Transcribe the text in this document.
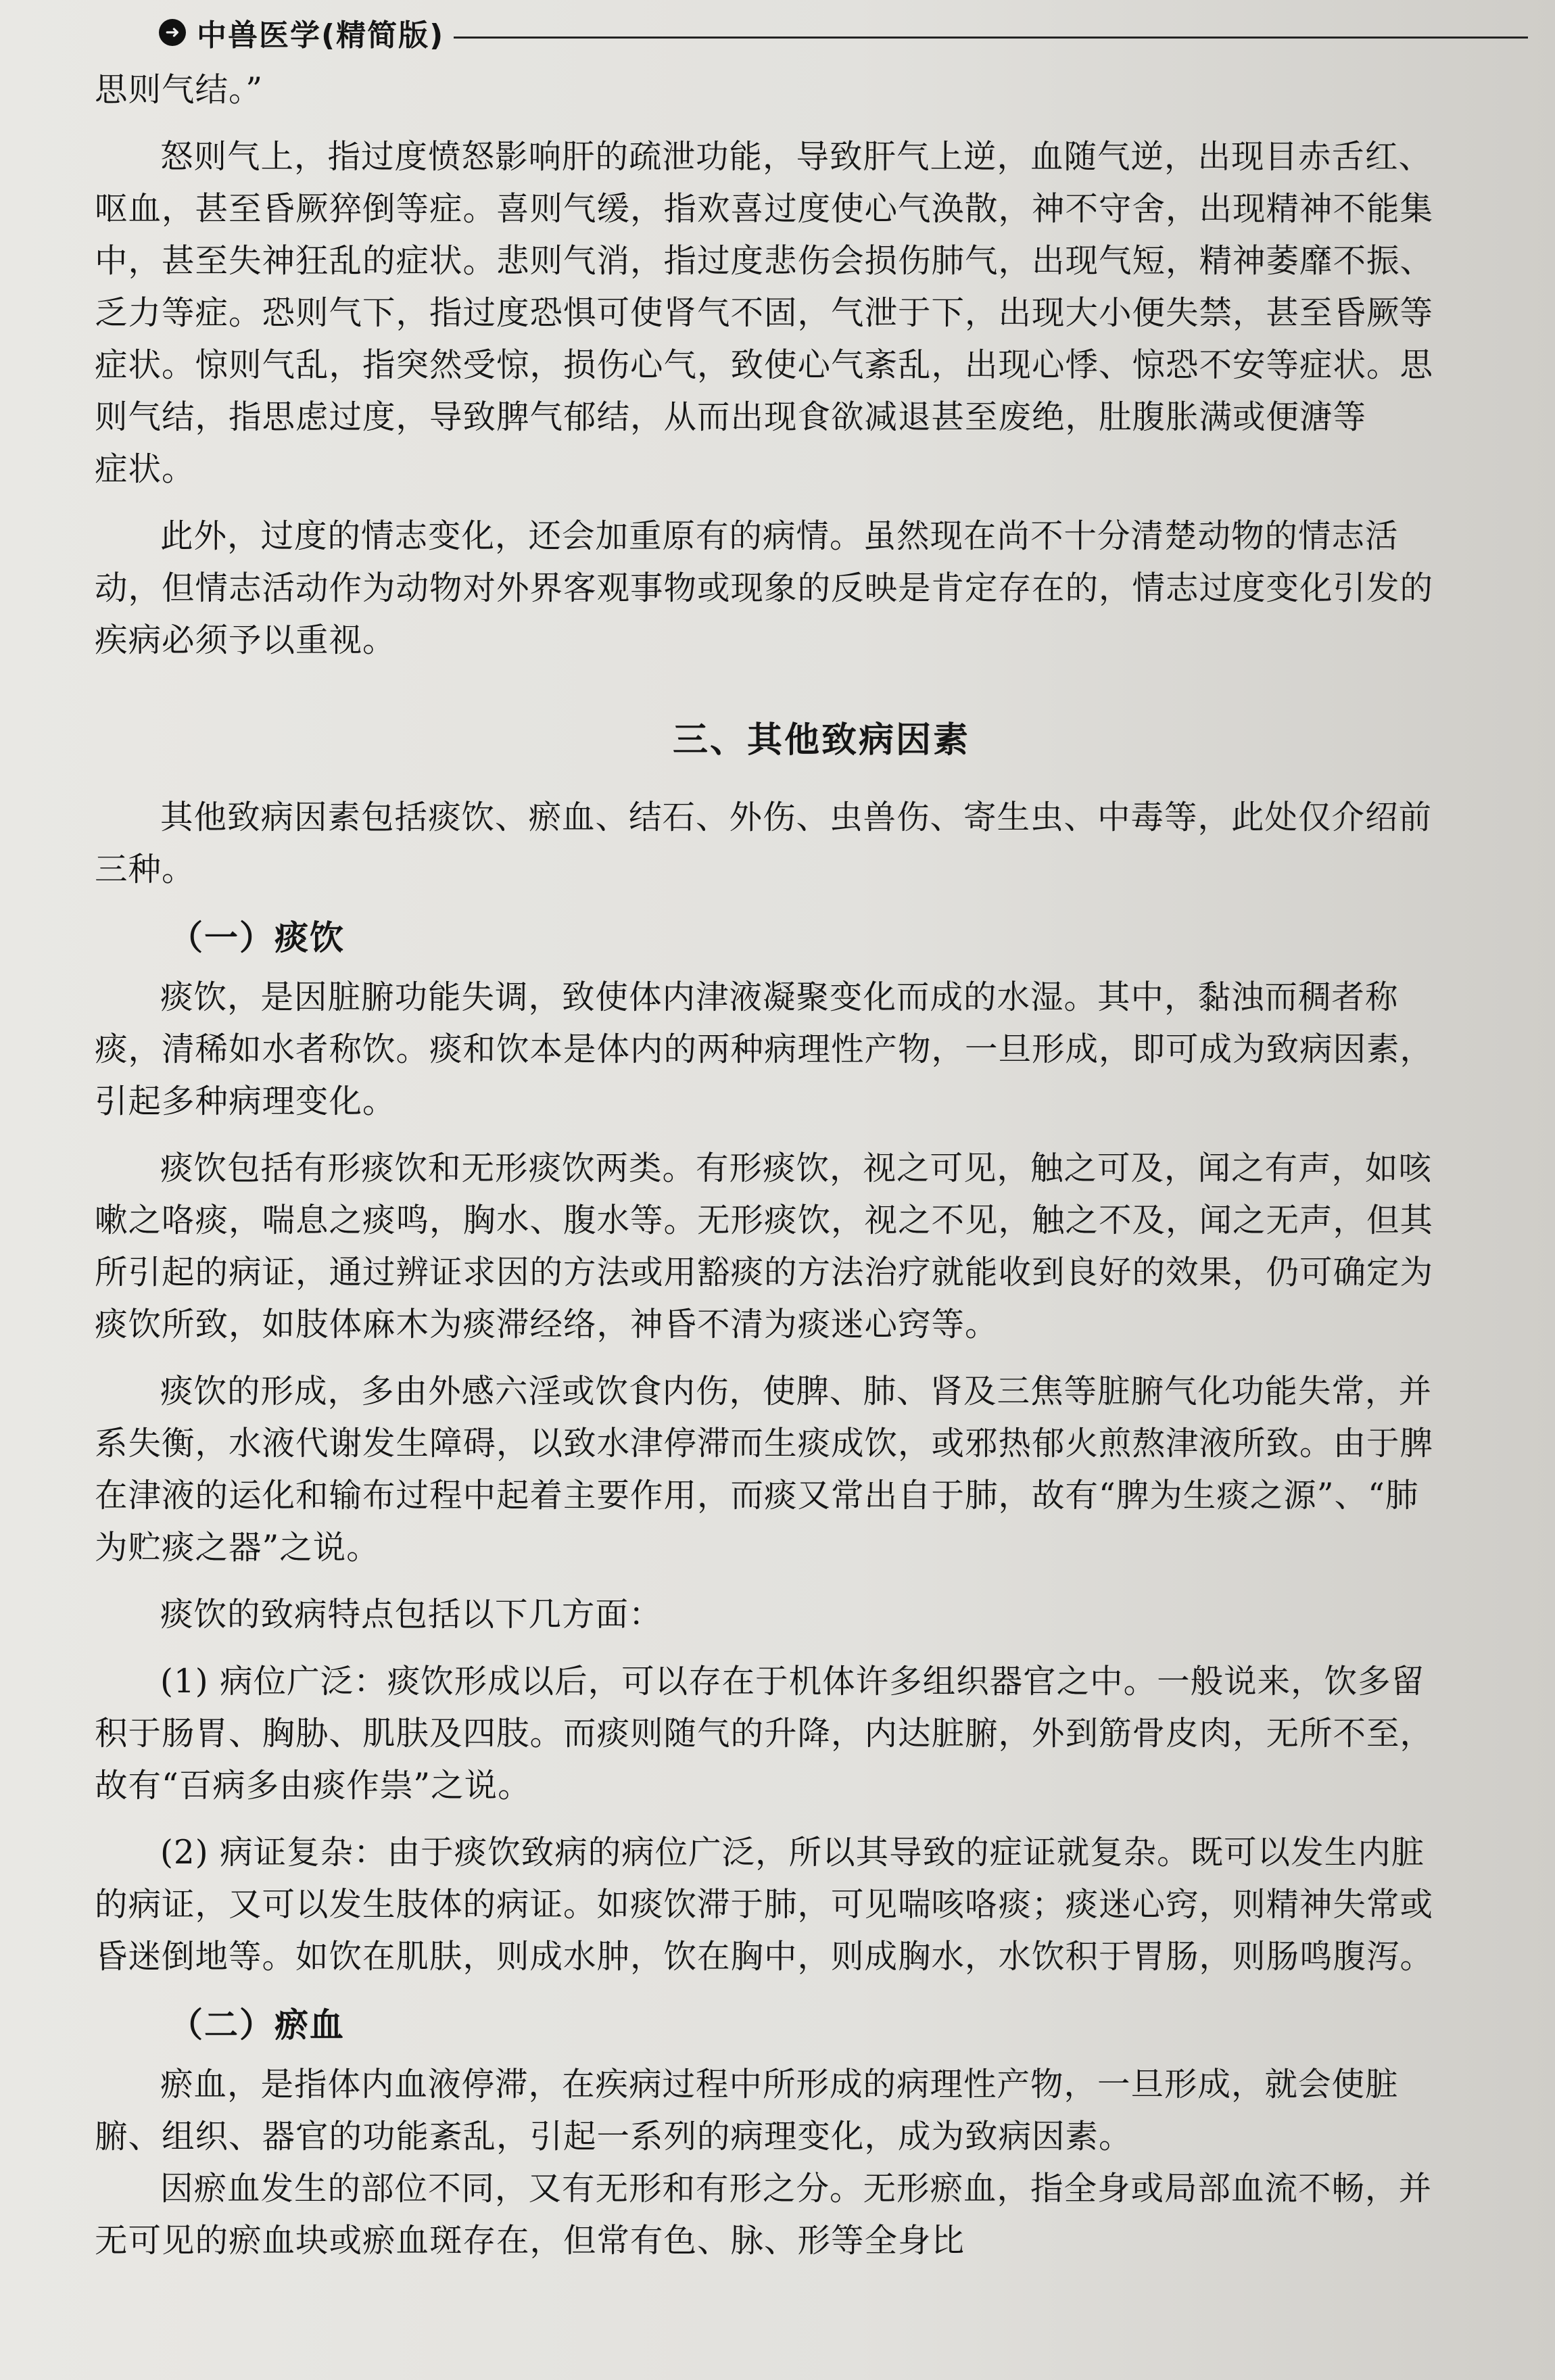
➜ 中兽医学(精简版)

思则气结。”

怒则气上，指过度愤怒影响肝的疏泄功能，导致肝气上逆，血随气逆，出现目赤舌红、
呕血，甚至昏厥猝倒等症。喜则气缓，指欢喜过度使心气涣散，神不守舍，出现精神不能集
中，甚至失神狂乱的症状。悲则气消，指过度悲伤会损伤肺气，出现气短，精神萎靡不振、
乏力等症。恐则气下，指过度恐惧可使肾气不固，气泄于下，出现大小便失禁，甚至昏厥等
症状。惊则气乱，指突然受惊，损伤心气，致使心气紊乱，出现心悸、惊恐不安等症状。思
则气结，指思虑过度，导致脾气郁结，从而出现食欲减退甚至废绝，肚腹胀满或便溏等
症状。

此外，过度的情志变化，还会加重原有的病情。虽然现在尚不十分清楚动物的情志活
动，但情志活动作为动物对外界客观事物或现象的反映是肯定存在的，情志过度变化引发的
疾病必须予以重视。

三、其他致病因素

其他致病因素包括痰饮、瘀血、结石、外伤、虫兽伤、寄生虫、中毒等，此处仅介绍前
三种。

（一）痰饮

痰饮，是因脏腑功能失调，致使体内津液凝聚变化而成的水湿。其中，黏浊而稠者称
痰，清稀如水者称饮。痰和饮本是体内的两种病理性产物，一旦形成，即可成为致病因素，
引起多种病理变化。

痰饮包括有形痰饮和无形痰饮两类。有形痰饮，视之可见，触之可及，闻之有声，如咳
嗽之咯痰，喘息之痰鸣，胸水、腹水等。无形痰饮，视之不见，触之不及，闻之无声，但其
所引起的病证，通过辨证求因的方法或用豁痰的方法治疗就能收到良好的效果，仍可确定为
痰饮所致，如肢体麻木为痰滞经络，神昏不清为痰迷心窍等。

痰饮的形成，多由外感六淫或饮食内伤，使脾、肺、肾及三焦等脏腑气化功能失常，并
系失衡，水液代谢发生障碍，以致水津停滞而生痰成饮，或邪热郁火煎熬津液所致。由于脾
在津液的运化和输布过程中起着主要作用，而痰又常出自于肺，故有“脾为生痰之源”、“肺
为贮痰之器”之说。

痰饮的致病特点包括以下几方面：

(1) 病位广泛：痰饮形成以后，可以存在于机体许多组织器官之中。一般说来，饮多留
积于肠胃、胸胁、肌肤及四肢。而痰则随气的升降，内达脏腑，外到筋骨皮肉，无所不至，
故有“百病多由痰作祟”之说。

(2) 病证复杂：由于痰饮致病的病位广泛，所以其导致的症证就复杂。既可以发生内脏
的病证，又可以发生肢体的病证。如痰饮滞于肺，可见喘咳咯痰；痰迷心窍，则精神失常或
昏迷倒地等。如饮在肌肤，则成水肿，饮在胸中，则成胸水，水饮积于胃肠，则肠鸣腹泻。

（二）瘀血

瘀血，是指体内血液停滞，在疾病过程中所形成的病理性产物，一旦形成，就会使脏
腑、组织、器官的功能紊乱，引起一系列的病理变化，成为致病因素。
因瘀血发生的部位不同，又有无形和有形之分。无形瘀血，指全身或局部血流不畅，并
无可见的瘀血块或瘀血斑存在，但常有色、脉、形等全身比
